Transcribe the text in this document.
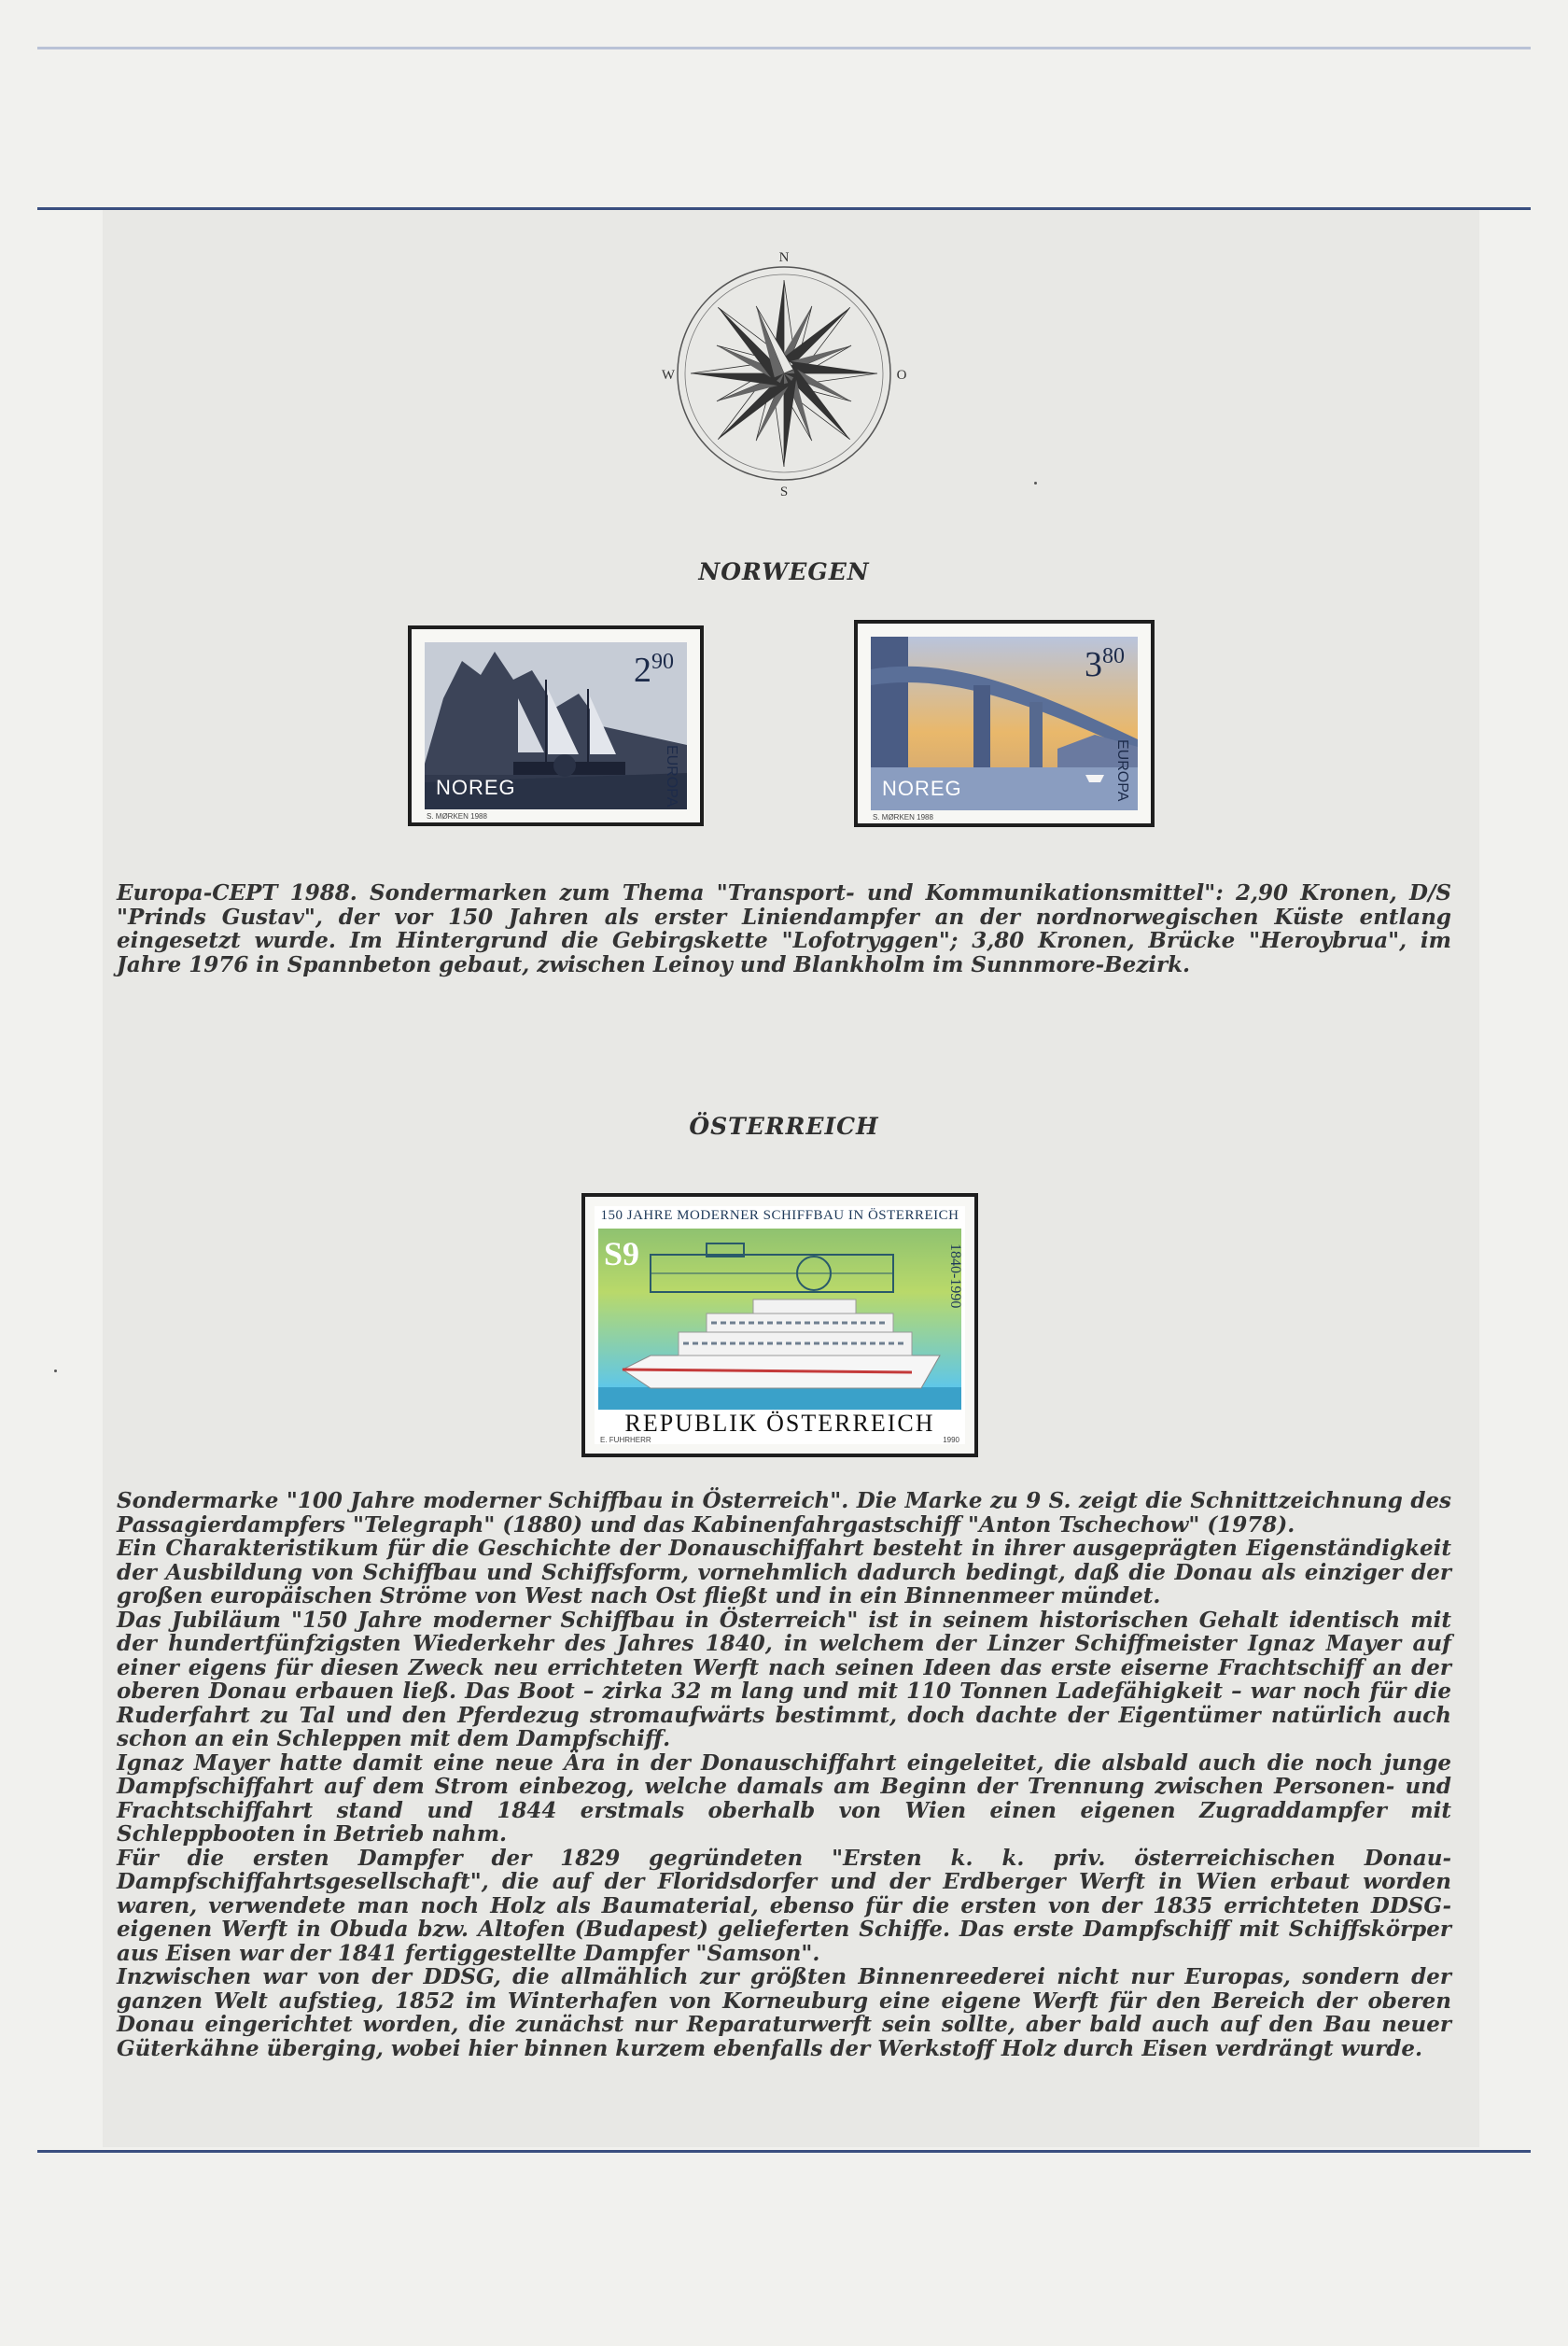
N
S
W	O
NORWEGEN
$2^{90}$
EUROPA
NOREG
S. MØRKEN 1988
$3^{80}$
EUROPA
NOREG
S. MØRKEN 1988

Europa-CEPT 1988. Sondermarken zum Thema "Transport- und Kommunikationsmittel": 2,90 Kronen, D/S "Prinds Gustav", der vor 150 Jahren als erster Liniendampfer an der nordnorwegischen Küste entlang eingesetzt wurde. Im Hintergrund die Gebirgskette "Lofotryggen"; 3,80 Kronen, Brücke "Heroybrua", im Jahre 1976 in Spannbeton gebaut, zwischen Leinoy und Blankholm im Sunnmore-Bezirk.

ÖSTERREICH
150 JAHRE MODERNER SCHIFFBAU IN ÖSTERREICH
S9	1840-1990
REPUBLIK ÖSTERREICH
E. FUHRHERR	1990

Sondermarke "100 Jahre moderner Schiffbau in Österreich". Die Marke zu 9 S. zeigt die Schnittzeichnung des Passagierdampfers "Telegraph" (1880) und das Kabinenfahrgastschiff "Anton Tschechow" (1978).

Ein Charakteristikum für die Geschichte der Donauschiffahrt besteht in ihrer ausgeprägten Eigenständigkeit der Ausbildung von Schiffbau und Schiffsform, vornehmlich dadurch bedingt, daß die Donau als einziger der großen europäischen Ströme von West nach Ost fließt und in ein Binnenmeer mündet.

Das Jubiläum "150 Jahre moderner Schiffbau in Österreich" ist in seinem historischen Gehalt identisch mit der hundertfünfzigsten Wiederkehr des Jahres 1840, in welchem der Linzer Schiffmeister Ignaz Mayer auf einer eigens für diesen Zweck neu errichteten Werft nach seinen Ideen das erste eiserne Frachtschiff an der oberen Donau erbauen ließ. Das Boot – zirka 32 m lang und mit 110 Tonnen Ladefähigkeit – war noch für die Ruderfahrt zu Tal und den Pferdezug stromaufwärts bestimmt, doch dachte der Eigentümer natürlich auch schon an ein Schleppen mit dem Dampfschiff.

Ignaz Mayer hatte damit eine neue Ära in der Donauschiffahrt eingeleitet, die alsbald auch die noch junge Dampfschiffahrt auf dem Strom einbezog, welche damals am Beginn der Trennung zwischen Personen- und Frachtschiffahrt stand und 1844 erstmals oberhalb von Wien einen eigenen Zugraddampfer mit Schleppbooten in Betrieb nahm.

Für die ersten Dampfer der 1829 gegründeten "Ersten k. k. priv. österreichischen Donau-Dampfschiffahrtsgesellschaft", die auf der Floridsdorfer und der Erdberger Werft in Wien erbaut worden waren, verwendete man noch Holz als Baumaterial, ebenso für die ersten von der 1835 errichteten DDSG-eigenen Werft in Obuda bzw. Altofen (Budapest) gelieferten Schiffe. Das erste Dampfschiff mit Schiffskörper aus Eisen war der 1841 fertiggestellte Dampfer "Samson".

Inzwischen war von der DDSG, die allmählich zur größten Binnenreederei nicht nur Europas, sondern der ganzen Welt aufstieg, 1852 im Winterhafen von Korneuburg eine eigene Werft für den Bereich der oberen Donau eingerichtet worden, die zunächst nur Reparaturwerft sein sollte, aber bald auch auf den Bau neuer Güterkähne überging, wobei hier binnen kurzem ebenfalls der Werkstoff Holz durch Eisen verdrängt wurde.
